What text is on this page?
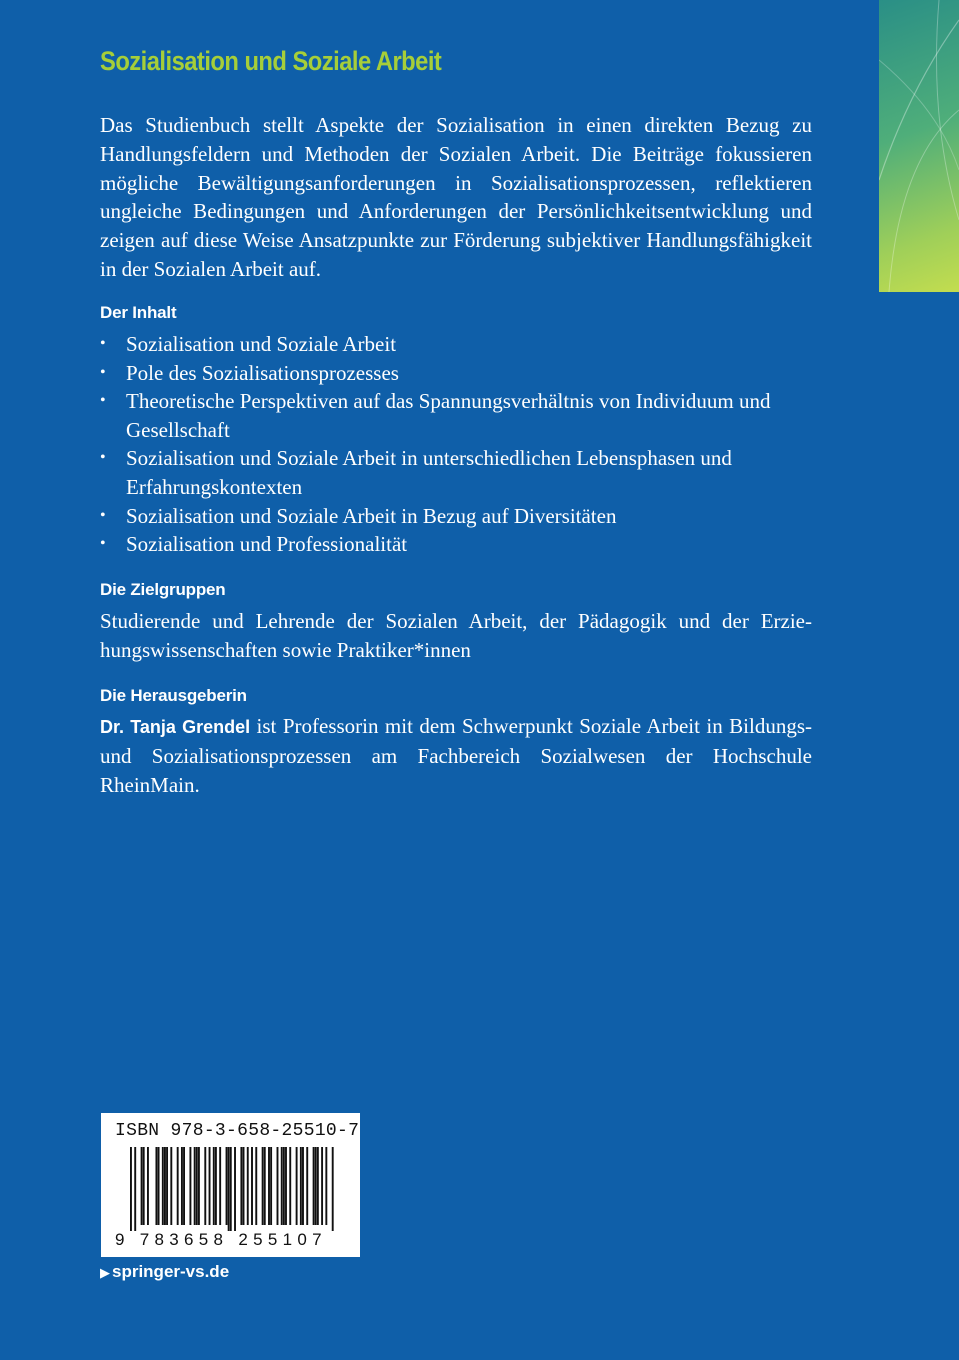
Sozialisation und Soziale Arbeit
Das Studienbuch stellt Aspekte der Sozialisation in einen direkten Bezug zu Handlungsfeldern und Methoden der Sozialen Arbeit. Die Beiträge fokussieren mögliche Bewältigungsanforderungen in Sozialisationsprozessen, reflektieren ungleiche Bedingungen und Anforderungen der Persönlichkeitsentwicklung und zeigen auf diese Weise Ansatzpunkte zur Förderung subjektiver Handlungsfähigkeit in der Sozialen Arbeit auf.
Der Inhalt
• Sozialisation und Soziale Arbeit
• Pole des Sozialisationsprozesses
• Theoretische Perspektiven auf das Spannungsverhältnis von Individuum und Gesellschaft
• Sozialisation und Soziale Arbeit in unterschiedlichen Lebensphasen und Erfahrungskontexten
• Sozialisation und Soziale Arbeit in Bezug auf Diversitäten
• Sozialisation und Professionalität
Die Zielgruppen
Studierende und Lehrende der Sozialen Arbeit, der Pädagogik und der Erziehungswissenschaften sowie Praktiker*innen
Die Herausgeberin
Dr. Tanja Grendel ist Professorin mit dem Schwerpunkt Soziale Arbeit in Bildungs- und Sozialisationsprozessen am Fachbereich Sozialwesen der Hochschule RheinMain.
ISBN 978-3-658-25510-7
9 783658 255107
▶ springer-vs.de
